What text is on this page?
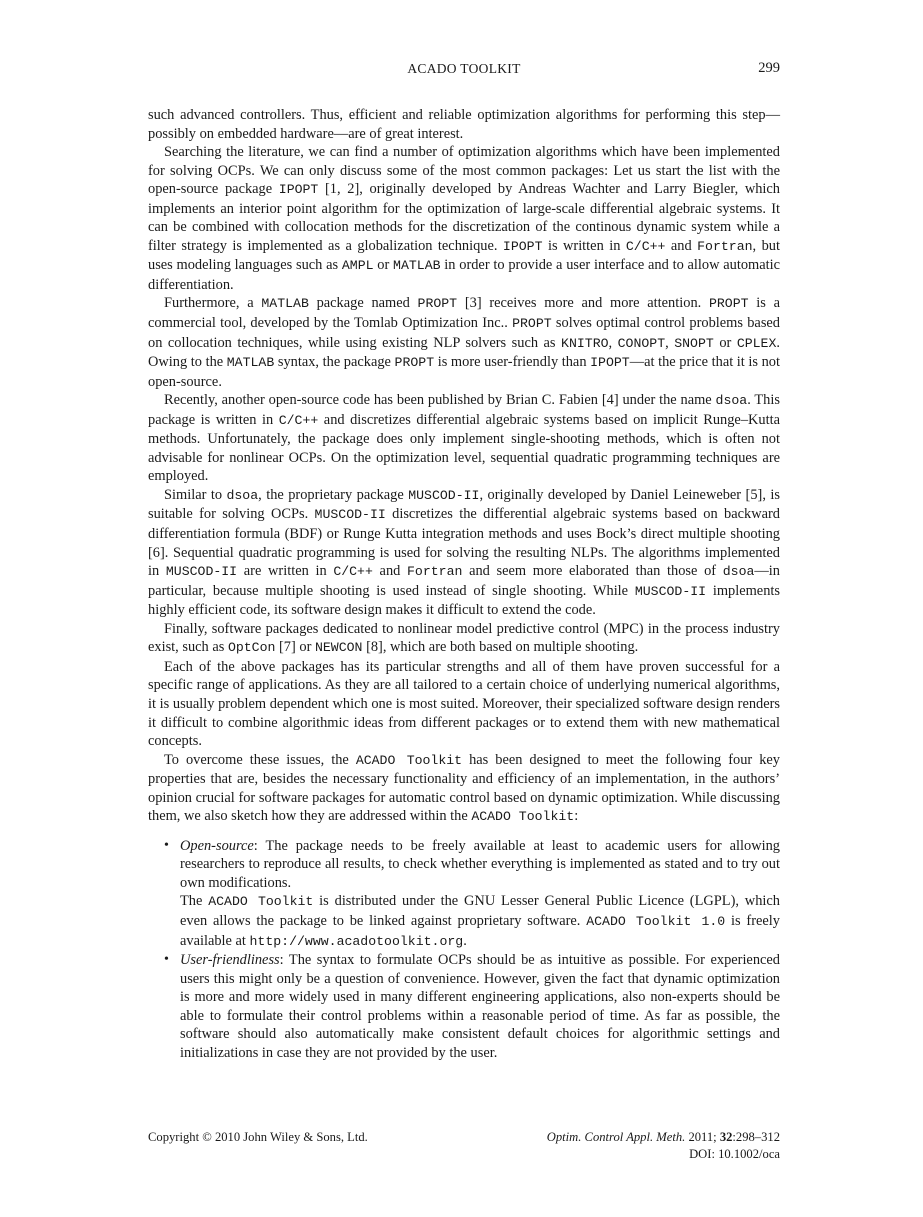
ACADO TOOLKIT	299

such advanced controllers. Thus, efficient and reliable optimization algorithms for performing this step—possibly on embedded hardware—are of great interest.

Searching the literature, we can find a number of optimization algorithms which have been implemented for solving OCPs. We can only discuss some of the most common packages: Let us start the list with the open-source package IPOPT [1, 2], originally developed by Andreas Wachter and Larry Biegler, which implements an interior point algorithm for the optimization of large-scale differential algebraic systems. It can be combined with collocation methods for the discretization of the continous dynamic system while a filter strategy is implemented as a globalization technique. IPOPT is written in C/C++ and Fortran, but uses modeling languages such as AMPL or MATLAB in order to provide a user interface and to allow automatic differentiation.

Furthermore, a MATLAB package named PROPT [3] receives more and more attention. PROPT is a commercial tool, developed by the Tomlab Optimization Inc.. PROPT solves optimal control problems based on collocation techniques, while using existing NLP solvers such as KNITRO, CONOPT, SNOPT or CPLEX. Owing to the MATLAB syntax, the package PROPT is more user-friendly than IPOPT—at the price that it is not open-source.

Recently, another open-source code has been published by Brian C. Fabien [4] under the name dsoa. This package is written in C/C++ and discretizes differential algebraic systems based on implicit Runge–Kutta methods. Unfortunately, the package does only implement single-shooting methods, which is often not advisable for nonlinear OCPs. On the optimization level, sequential quadratic programming techniques are employed.

Similar to dsoa, the proprietary package MUSCOD-II, originally developed by Daniel Leineweber [5], is suitable for solving OCPs. MUSCOD-II discretizes the differential algebraic systems based on backward differentiation formula (BDF) or Runge Kutta integration methods and uses Bock’s direct multiple shooting [6]. Sequential quadratic programming is used for solving the resulting NLPs. The algorithms implemented in MUSCOD-II are written in C/C++ and Fortran and seem more elaborated than those of dsoa—in particular, because multiple shooting is used instead of single shooting. While MUSCOD-II implements highly efficient code, its software design makes it difficult to extend the code.

Finally, software packages dedicated to nonlinear model predictive control (MPC) in the process industry exist, such as OptCon [7] or NEWCON [8], which are both based on multiple shooting.

Each of the above packages has its particular strengths and all of them have proven successful for a specific range of applications. As they are all tailored to a certain choice of underlying numerical algorithms, it is usually problem dependent which one is most suited. Moreover, their specialized software design renders it difficult to combine algorithmic ideas from different packages or to extend them with new mathematical concepts.

To overcome these issues, the ACADO Toolkit has been designed to meet the following four key properties that are, besides the necessary functionality and efficiency of an implementation, in the authors’ opinion crucial for software packages for automatic control based on dynamic optimization. While discussing them, we also sketch how they are addressed within the ACADO Toolkit:

• Open-source: The package needs to be freely available at least to academic users for allowing researchers to reproduce all results, to check whether everything is implemented as stated and to try out own modifications.

The ACADO Toolkit is distributed under the GNU Lesser General Public Licence (LGPL), which even allows the package to be linked against proprietary software. ACADO Toolkit 1.0 is freely available at http://www.acadotoolkit.org.

• User-friendliness: The syntax to formulate OCPs should be as intuitive as possible. For experienced users this might only be a question of convenience. However, given the fact that dynamic optimization is more and more widely used in many different engineering applications, also non-experts should be able to formulate their control problems within a reasonable period of time. As far as possible, the software should also automatically make consistent default choices for algorithmic settings and initializations in case they are not provided by the user.

Copyright © 2010 John Wiley & Sons, Ltd.	Optim. Control Appl. Meth. 2011; 32:298–312
DOI: 10.1002/oca
